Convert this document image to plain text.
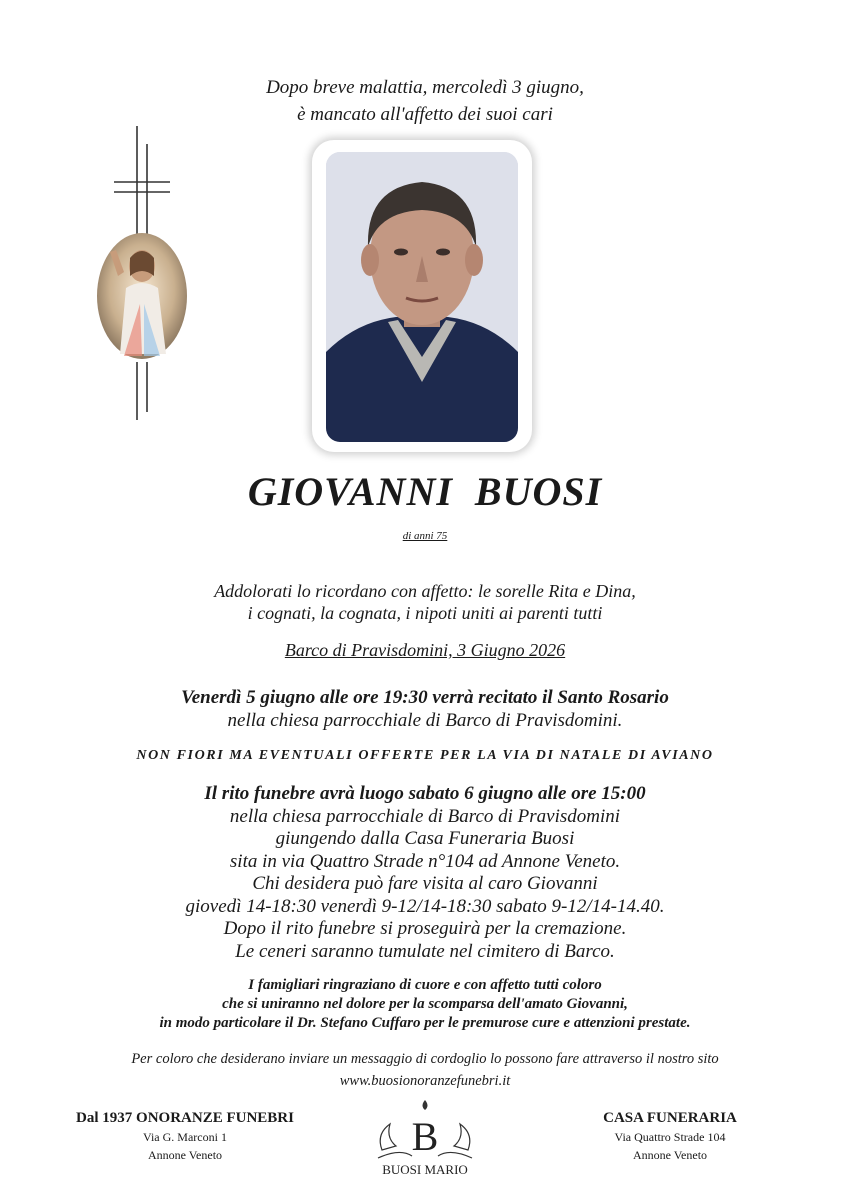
Dopo breve malattia, mercoledì 3 giugno,
è mancato all'affetto dei suoi cari
GIOVANNI  BUOSI
di anni 75
Addolorati lo ricordano con affetto: le sorelle Rita e Dina,
i cognati, la cognata, i nipoti uniti ai parenti tutti
Barco di Pravisdomini, 3 Giugno 2026
Venerdì 5 giugno alle ore 19:30 verrà recitato il Santo Rosario
nella chiesa parrocchiale di Barco di Pravisdomini.
NON FIORI MA EVENTUALI OFFERTE PER LA VIA DI NATALE DI AVIANO
Il rito funebre avrà luogo sabato 6 giugno alle ore 15:00
nella chiesa parrocchiale di Barco di Pravisdomini
giungendo dalla Casa Funeraria Buosi
sita in via Quattro Strade n°104 ad Annone Veneto.
Chi desidera può fare visita al caro Giovanni
giovedì 14-18:30 venerdì 9-12/14-18:30 sabato 9-12/14-14.40.
Dopo il rito funebre si proseguirà per la cremazione.
Le ceneri saranno tumulate nel cimitero di Barco.
I famigliari ringraziano di cuore e con affetto tutti coloro
che si uniranno nel dolore per la scomparsa dell'amato Giovanni,
in modo particolare il Dr. Stefano Cuffaro per le premurose cure e attenzioni prestate.
Per coloro che desiderano inviare un messaggio di cordoglio lo possono fare attraverso il nostro sito
www.buosionoranzefunebri.it
Dal 1937 ONORANZE FUNEBRI
Via G. Marconi 1
Annone Veneto	B
BUOSI MARIO
CASA FUNERARIA
Via Quattro Strade 104
Annone Veneto
